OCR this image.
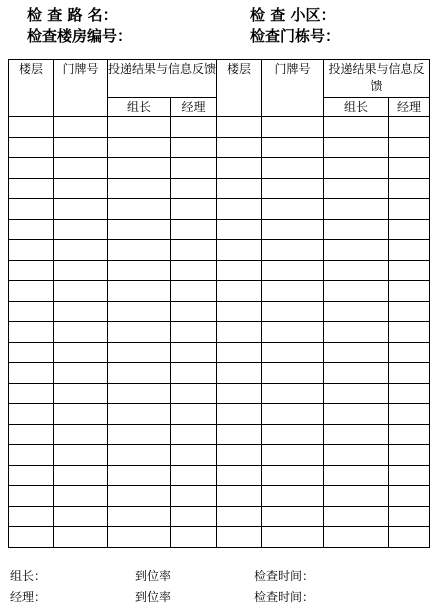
检 查 路 名：
检查楼房编号：
检 查 小区：
检查门栋号：
楼层	门牌号	投递结果与信息反馈		楼层	门牌号	投递结果与信息反馈	
		组长	经理			组长	经理

组长：	到位率	检查时间：
经理：	到位率	检查时间：
